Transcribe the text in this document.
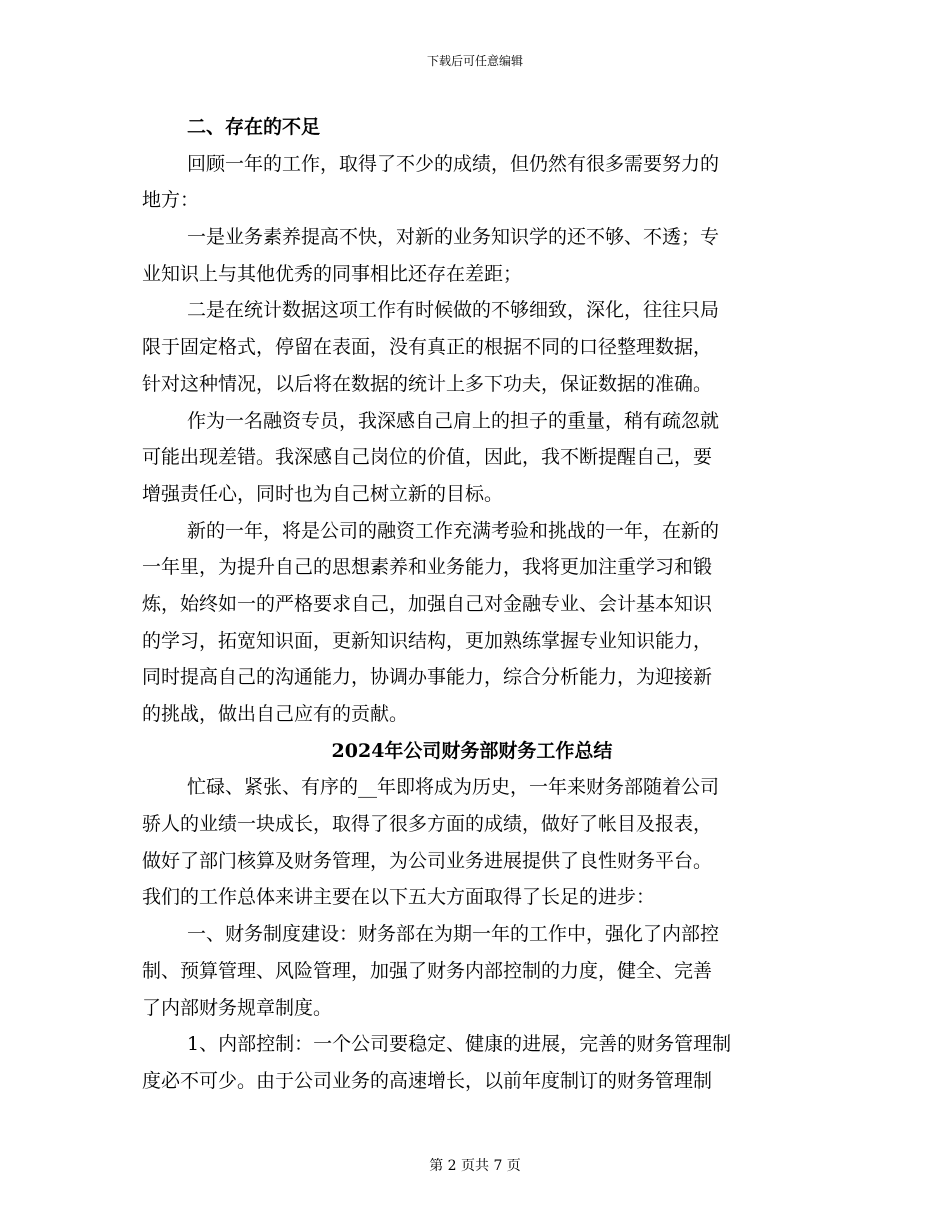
下载后可任意编辑
二、存在的不足
回顾一年的工作，取得了不少的成绩，但仍然有很多需要努力的
地方：
一是业务素养提高不快，对新的业务知识学的还不够、不透；专
业知识上与其他优秀的同事相比还存在差距；
二是在统计数据这项工作有时候做的不够细致，深化，往往只局
限于固定格式，停留在表面，没有真正的根据不同的口径整理数据，
针对这种情况，以后将在数据的统计上多下功夫，保证数据的准确。
作为一名融资专员，我深感自己肩上的担子的重量，稍有疏忽就
可能出现差错。我深感自己岗位的价值，因此，我不断提醒自己，要
增强责任心，同时也为自己树立新的目标。
新的一年，将是公司的融资工作充满考验和挑战的一年，在新的
一年里，为提升自己的思想素养和业务能力，我将更加注重学习和锻
炼，始终如一的严格要求自己，加强自己对金融专业、会计基本知识
的学习，拓宽知识面，更新知识结构，更加熟练掌握专业知识能力，
同时提高自己的沟通能力，协调办事能力，综合分析能力，为迎接新
的挑战，做出自己应有的贡献。
2024年公司财务部财务工作总结
忙碌、紧张、有序的__年即将成为历史，一年来财务部随着公司
骄人的业绩一块成长，取得了很多方面的成绩，做好了帐目及报表，
做好了部门核算及财务管理，为公司业务进展提供了良性财务平台。
我们的工作总体来讲主要在以下五大方面取得了长足的进步：
一、财务制度建设：财务部在为期一年的工作中，强化了内部控
制、预算管理、风险管理，加强了财务内部控制的力度，健全、完善
了内部财务规章制度。
1、内部控制：一个公司要稳定、健康的进展，完善的财务管理制
度必不可少。由于公司业务的高速增长，以前年度制订的财务管理制
第 2 页共 7 页
